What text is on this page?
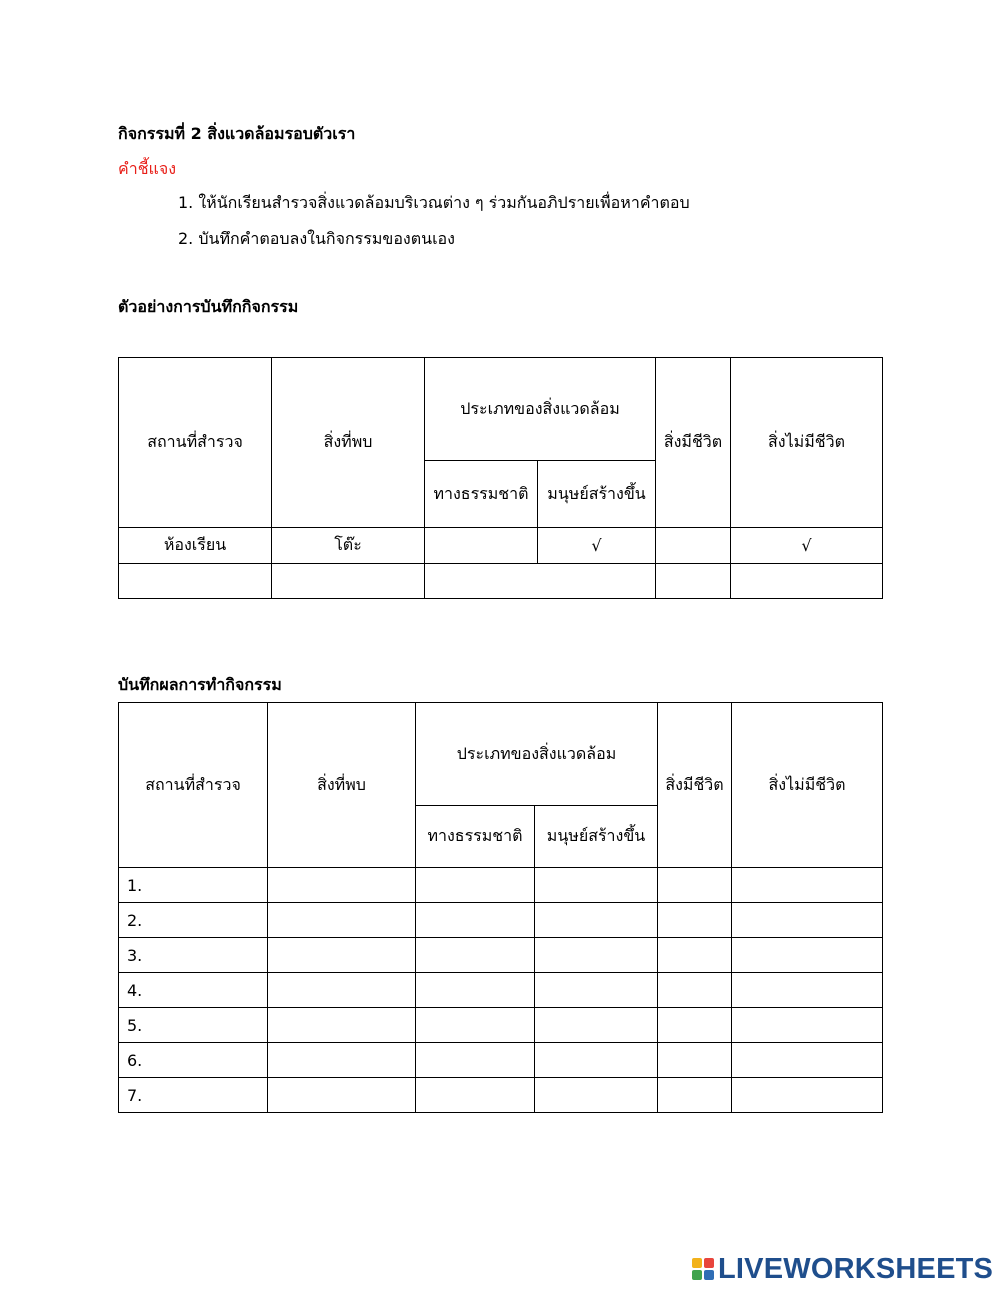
กิจกรรมที่ 2 สิ่งแวดล้อมรอบตัวเรา
คำชี้แจง
1. ให้นักเรียนสำรวจสิ่งแวดล้อมบริเวณต่าง ๆ ร่วมกันอภิปรายเพื่อหาคำตอบ
2. บันทึกคำตอบลงในกิจกรรมของตนเอง
ตัวอย่างการบันทึกกิจกรรม
สถานที่สำรวจ	สิ่งที่พบ	ประเภทของสิ่งแวดล้อม		สิ่งมีชีวิต	สิ่งไม่มีชีวิต
		ทางธรรมชาติ	มนุษย์สร้างขึ้น		
ห้องเรียน	โต๊ะ		√		√

บันทึกผลการทำกิจกรรม
สถานที่สำรวจ	สิ่งที่พบ	ประเภทของสิ่งแวดล้อม		สิ่งมีชีวิต	สิ่งไม่มีชีวิต
		ทางธรรมชาติ	มนุษย์สร้างขึ้น		
1.					
2.					
3.					
4.					
5.					
6.					
7.					
LIVEWORKSHEETS
